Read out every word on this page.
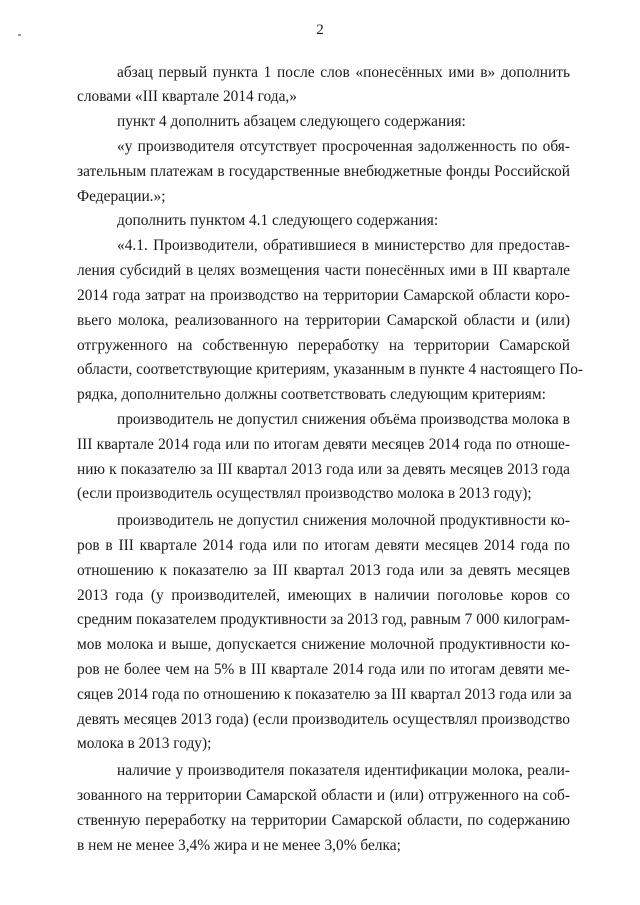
2
абзац первый пункта 1 после слов «понесённых ими в» дополнить
словами «III квартале 2014 года,»
пункт 4 дополнить абзацем следующего содержания:
«у производителя отсутствует просроченная задолженность по обя-
зательным платежам в государственные внебюджетные фонды Российской
Федерации.»;
дополнить пунктом 4.1 следующего содержания:
«4.1. Производители, обратившиеся в министерство для предостав-
ления субсидий в целях возмещения части понесённых ими в III квартале
2014 года затрат на производство на территории Самарской области коро-
вьего молока, реализованного на территории Самарской области и (или)
отгруженного на собственную переработку на территории Самарской
области, соответствующие критериям, указанным в пункте 4 настоящего По-
рядка, дополнительно должны соответствовать следующим критериям:
производитель не допустил снижения объёма производства молока в
III квартале 2014 года или по итогам девяти месяцев 2014 года по отноше-
нию к показателю за III квартал 2013 года или за девять месяцев 2013 года
(если производитель осуществлял производство молока в 2013 году);
производитель не допустил снижения молочной продуктивности ко-
ров в III квартале 2014 года или по итогам девяти месяцев 2014 года по
отношению к показателю за III квартал 2013 года или за девять месяцев
2013 года (у производителей, имеющих в наличии поголовье коров со
средним показателем продуктивности за 2013 год, равным 7 000 килограм-
мов молока и выше, допускается снижение молочной продуктивности ко-
ров не более чем на 5% в III квартале 2014 года или по итогам девяти ме-
сяцев 2014 года по отношению к показателю за III квартал 2013 года или за
девять месяцев 2013 года) (если производитель осуществлял производство
молока в 2013 году);
наличие у производителя показателя идентификации молока, реали-
зованного на территории Самарской области и (или) отгруженного на соб-
ственную переработку на территории Самарской области, по содержанию
в нем не менее 3,4% жира и не менее 3,0% белка;
